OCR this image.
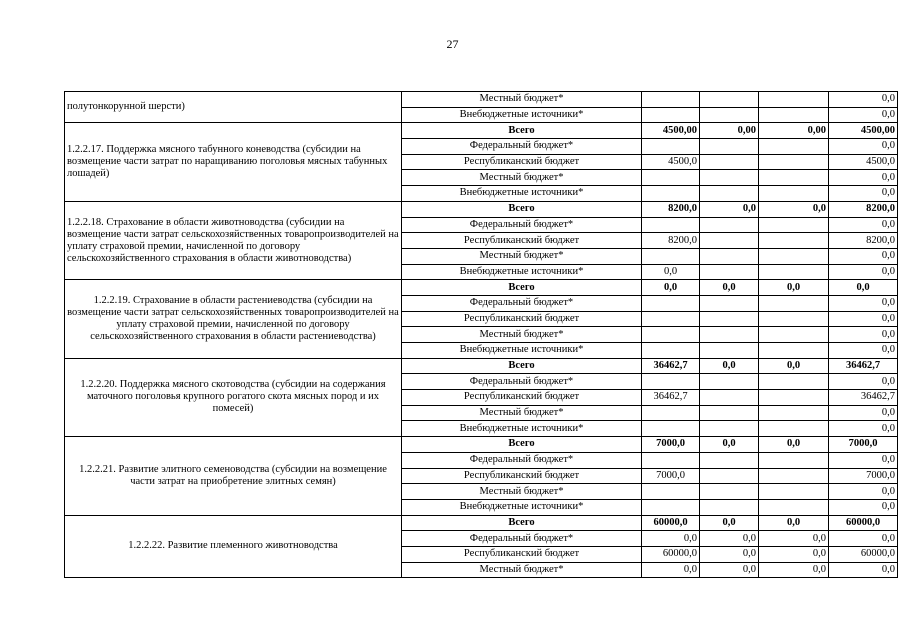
27
полутонкорунной шерсти)	Местный бюджет*				0,0
	Внебюджетные источники*				0,0
1.2.2.17. Поддержка мясного табунного коневодства (субсидии на возмещение части затрат по наращиванию поголовья мясных табунных лошадей)	Всего	4500,00	0,00	0,00	4500,00
	Федеральный бюджет*				0,0
	Республиканский бюджет	4500,0			4500,0
	Местный бюджет*				0,0
	Внебюджетные источники*				0,0
1.2.2.18. Страхование в области животноводства (субсидии на возмещение части затрат сельскохозяйственных товаропроизводителей на уплату страховой премии, начисленной по договору сельскохозяйственного страхования в области животноводства)	Всего	8200,0	0,0	0,0	8200,0
	Федеральный бюджет*				0,0
	Республиканский бюджет	8200,0			8200,0
	Местный бюджет*				0,0
	Внебюджетные источники*	0,0			0,0
1.2.2.19. Страхование в области растениеводства (субсидии на возмещение части затрат сельскохозяйственных товаропроизводителей на уплату страховой премии, начисленной по договору сельскохозяйственного страхования в области растениеводства)	Всего	0,0	0,0	0,0	0,0
	Федеральный бюджет*				0,0
	Республиканский бюджет				0,0
	Местный бюджет*				0,0
	Внебюджетные источники*				0,0
1.2.2.20. Поддержка мясного скотоводства (субсидии на содержания маточного поголовья крупного рогатого скота мясных пород и их помесей)	Всего	36462,7	0,0	0,0	36462,7
	Федеральный бюджет*				0,0
	Республиканский бюджет	36462,7			36462,7
	Местный бюджет*				0,0
	Внебюджетные источники*				0,0
1.2.2.21. Развитие элитного семеноводства (субсидии на возмещение части затрат на приобретение элитных семян)	Всего	7000,0	0,0	0,0	7000,0
	Федеральный бюджет*				0,0
	Республиканский бюджет	7000,0			7000,0
	Местный бюджет*				0,0
	Внебюджетные источники*				0,0
1.2.2.22. Развитие племенного животноводства	Всего	60000,0	0,0	0,0	60000,0
	Федеральный бюджет*	0,0	0,0	0,0	0,0
	Республиканский бюджет	60000,0	0,0	0,0	60000,0
	Местный бюджет*	0,0	0,0	0,0	0,0
